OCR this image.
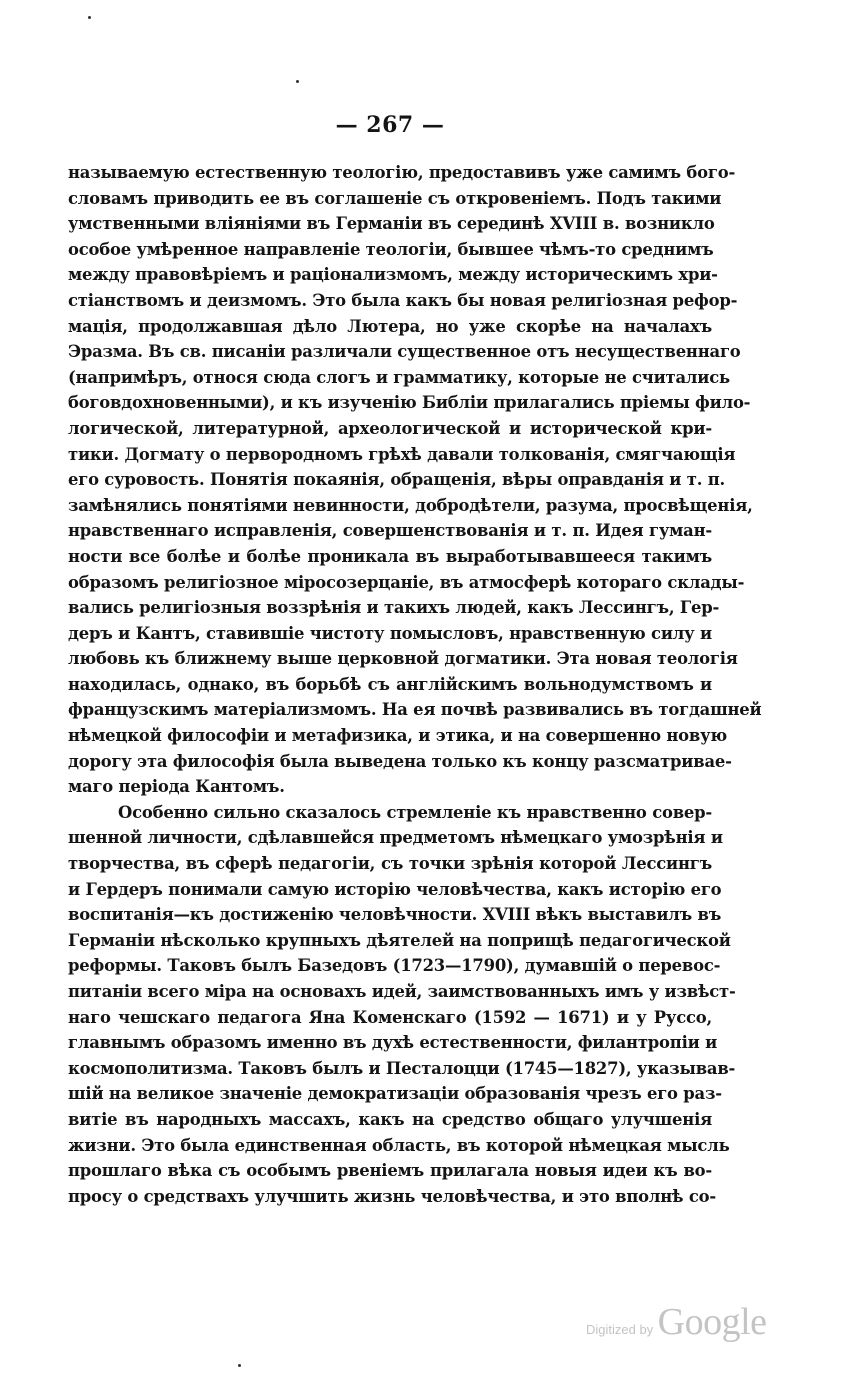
— 267 —
называемую естественную теологію, предоставивъ уже самимъ бого-
словамъ приводить ее въ соглашеніе съ откровеніемъ. Подъ такими
умственными вліяніями въ Германіи въ серединѣ XVIII в. возникло
особое умѣренное направленіе теологіи, бывшее чѣмъ-то среднимъ
между правовѣріемъ и раціонализмомъ, между историческимъ хри-
стіанствомъ и деизмомъ. Это была какъ бы новая религіозная рефор-
мація, продолжавшая дѣло Лютера, но уже скорѣе на началахъ
Эразма. Въ св. писаніи различали существенное отъ несущественнаго
(напримѣръ, относя сюда слогъ и грамматику, которые не считались
боговдохновенными), и къ изученію Библіи прилагались пріемы фило-
логической, литературной, археологической и исторической кри-
тики. Догмату о первородномъ грѣхѣ давали толкованія, смягчающія
его суровость. Понятія покаянія, обращенія, вѣры оправданія и т. п.
замѣнялись понятіями невинности, добродѣтели, разума, просвѣщенія,
нравственнаго исправленія, совершенствованія и т. п. Идея гуман-
ности все болѣе и болѣе проникала въ выработывавшееся такимъ
образомъ религіозное міросозерцаніе, въ атмосферѣ котораго склады-
вались религіозныя воззрѣнія и такихъ людей, какъ Лессингъ, Гер-
деръ и Кантъ, ставившіе чистоту помысловъ, нравственную силу и
любовь къ ближнему выше церковной догматики. Эта новая теологія
находилась, однако, въ борьбѣ съ англійскимъ вольнодумствомъ и
французскимъ матеріализмомъ. На ея почвѣ развивались въ тогдашней
нѣмецкой философіи и метафизика, и этика, и на совершенно новую
дорогу эта философія была выведена только къ концу разсматривае-
маго періода Кантомъ.
Особенно сильно сказалось стремленіе къ нравственно совер-
шенной личности, сдѣлавшейся предметомъ нѣмецкаго умозрѣнія и
творчества, въ сферѣ педагогіи, съ точки зрѣнія которой Лессингъ
и Гердеръ понимали самую исторію человѣчества, какъ исторію его
воспитанія—къ достиженію человѣчности. XVIII вѣкъ выставилъ въ
Германіи нѣсколько крупныхъ дѣятелей на поприщѣ педагогической
реформы. Таковъ былъ Базедовъ (1723—1790), думавшій о перевос-
питаніи всего міра на основахъ идей, заимствованныхъ имъ у извѣст-
наго чешскаго педагога Яна Коменскаго (1592 — 1671) и у Руссо,
главнымъ образомъ именно въ духѣ естественности, филантропіи и
космополитизма. Таковъ былъ и Песталоцци (1745—1827), указывав-
шій на великое значеніе демократизаціи образованія чрезъ его раз-
витіе въ народныхъ массахъ, какъ на средство общаго улучшенія
жизни. Это была единственная область, въ которой нѣмецкая мысль
прошлаго вѣка съ особымъ рвеніемъ прилагала новыя идеи къ во-
просу о средствахъ улучшить жизнь человѣчества, и это вполнѣ со-
Digitized by Google
